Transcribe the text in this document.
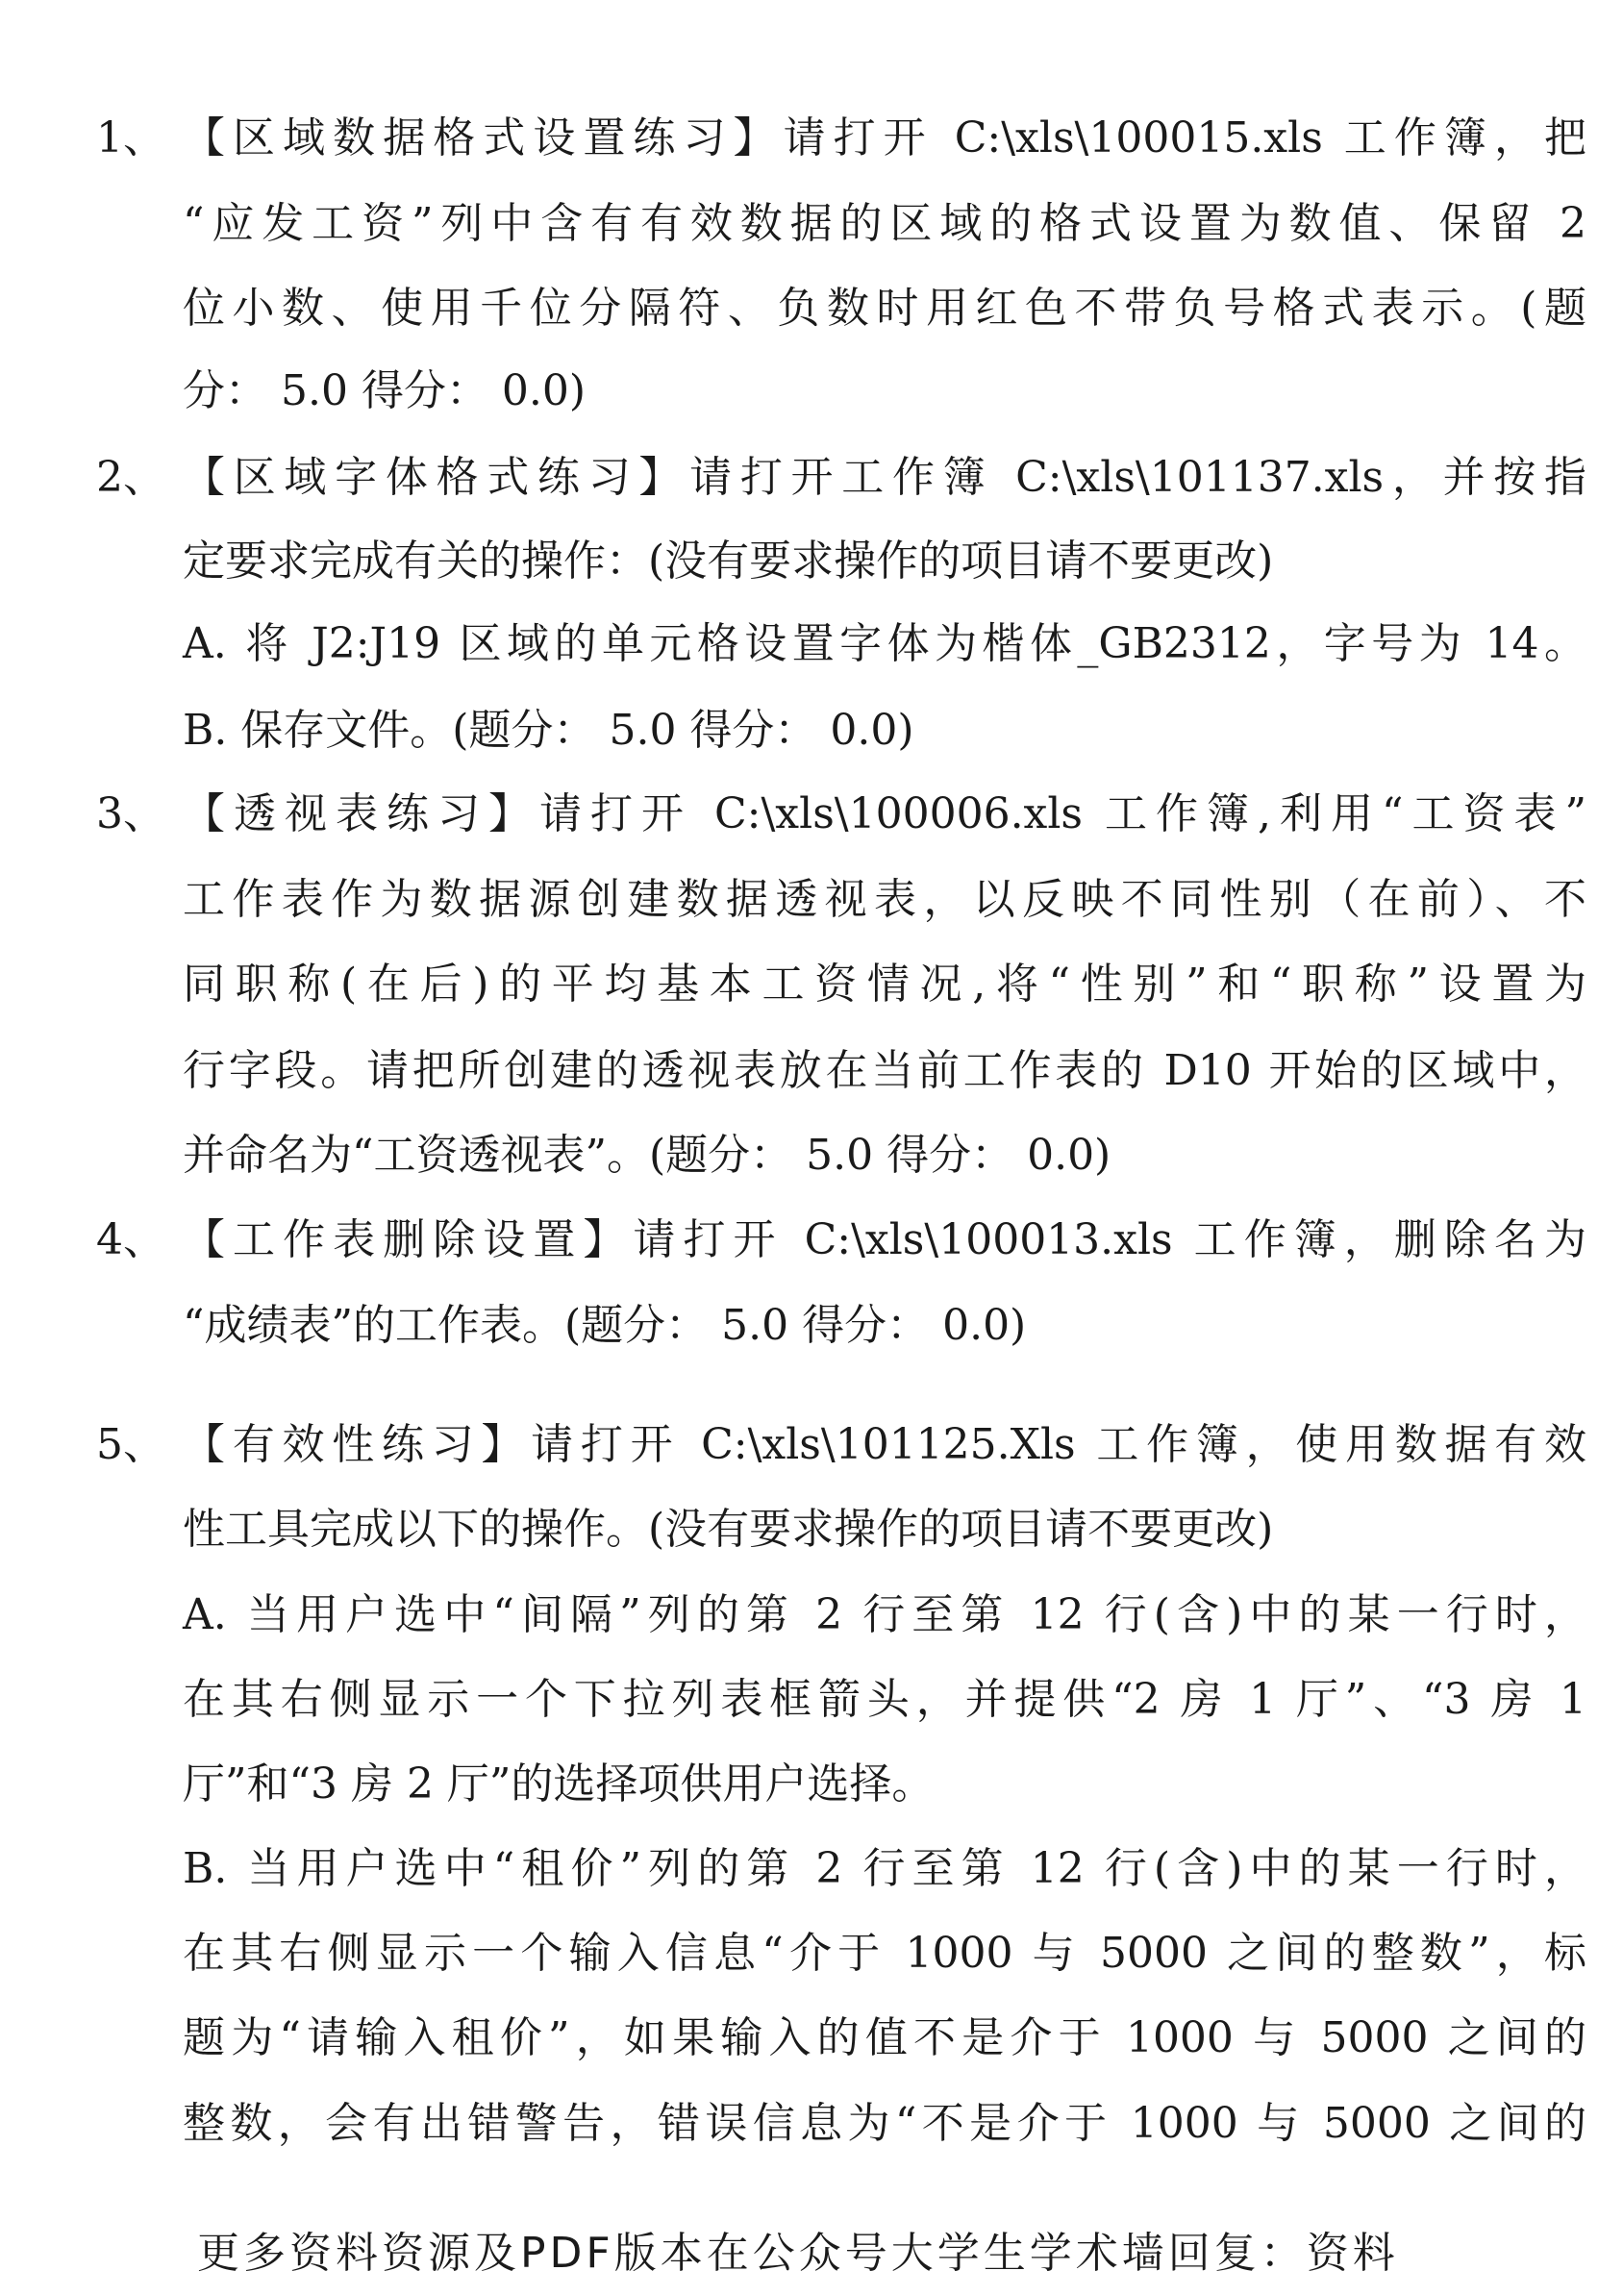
1、 【区域数据格式设置练习】请打开 C:\xls\100015.xls 工作簿，把
“应发工资”列中含有有效数据的区域的格式设置为数值、保留 2
位小数、使用千位分隔符、负数时用红色不带负号格式表示。(题
分： 5.0 得分： 0.0)
2、 【区域字体格式练习】请打开工作簿 C:\xls\101137.xls，并按指
定要求完成有关的操作：(没有要求操作的项目请不要更改)
A. 将 J2:J19 区域的单元格设置字体为楷体_GB2312，字号为 14。
B. 保存文件。(题分： 5.0 得分： 0.0)
3、 【透视表练习】请打开 C:\xls\100006.xls 工作簿,利用“工资表”
工作表作为数据源创建数据透视表，以反映不同性别（在前）、不
同职称(在后)的平均基本工资情况,将“性别”和“职称”设置为
行字段。请把所创建的透视表放在当前工作表的 D10 开始的区域中，
并命名为“工资透视表”。(题分： 5.0 得分： 0.0)
4、 【工作表删除设置】请打开 C:\xls\100013.xls 工作簿，删除名为
“成绩表”的工作表。(题分： 5.0 得分： 0.0)
5、 【有效性练习】请打开 C:\xls\101125.Xls 工作簿，使用数据有效
性工具完成以下的操作。(没有要求操作的项目请不要更改)
A. 当用户选中“间隔”列的第 2 行至第 12 行(含)中的某一行时，
在其右侧显示一个下拉列表框箭头，并提供“2 房 1 厅”、“3 房 1
厅”和“3 房 2 厅”的选择项供用户选择。
B. 当用户选中“租价”列的第 2 行至第 12 行(含)中的某一行时，
在其右侧显示一个输入信息“介于 1000 与 5000 之间的整数”，标
题为“请输入租价”，如果输入的值不是介于 1000 与 5000 之间的
整数，会有出错警告，错误信息为“不是介于 1000 与 5000 之间的
更多资料资源及PDF版本在公众号大学生学术墙回复：资料
